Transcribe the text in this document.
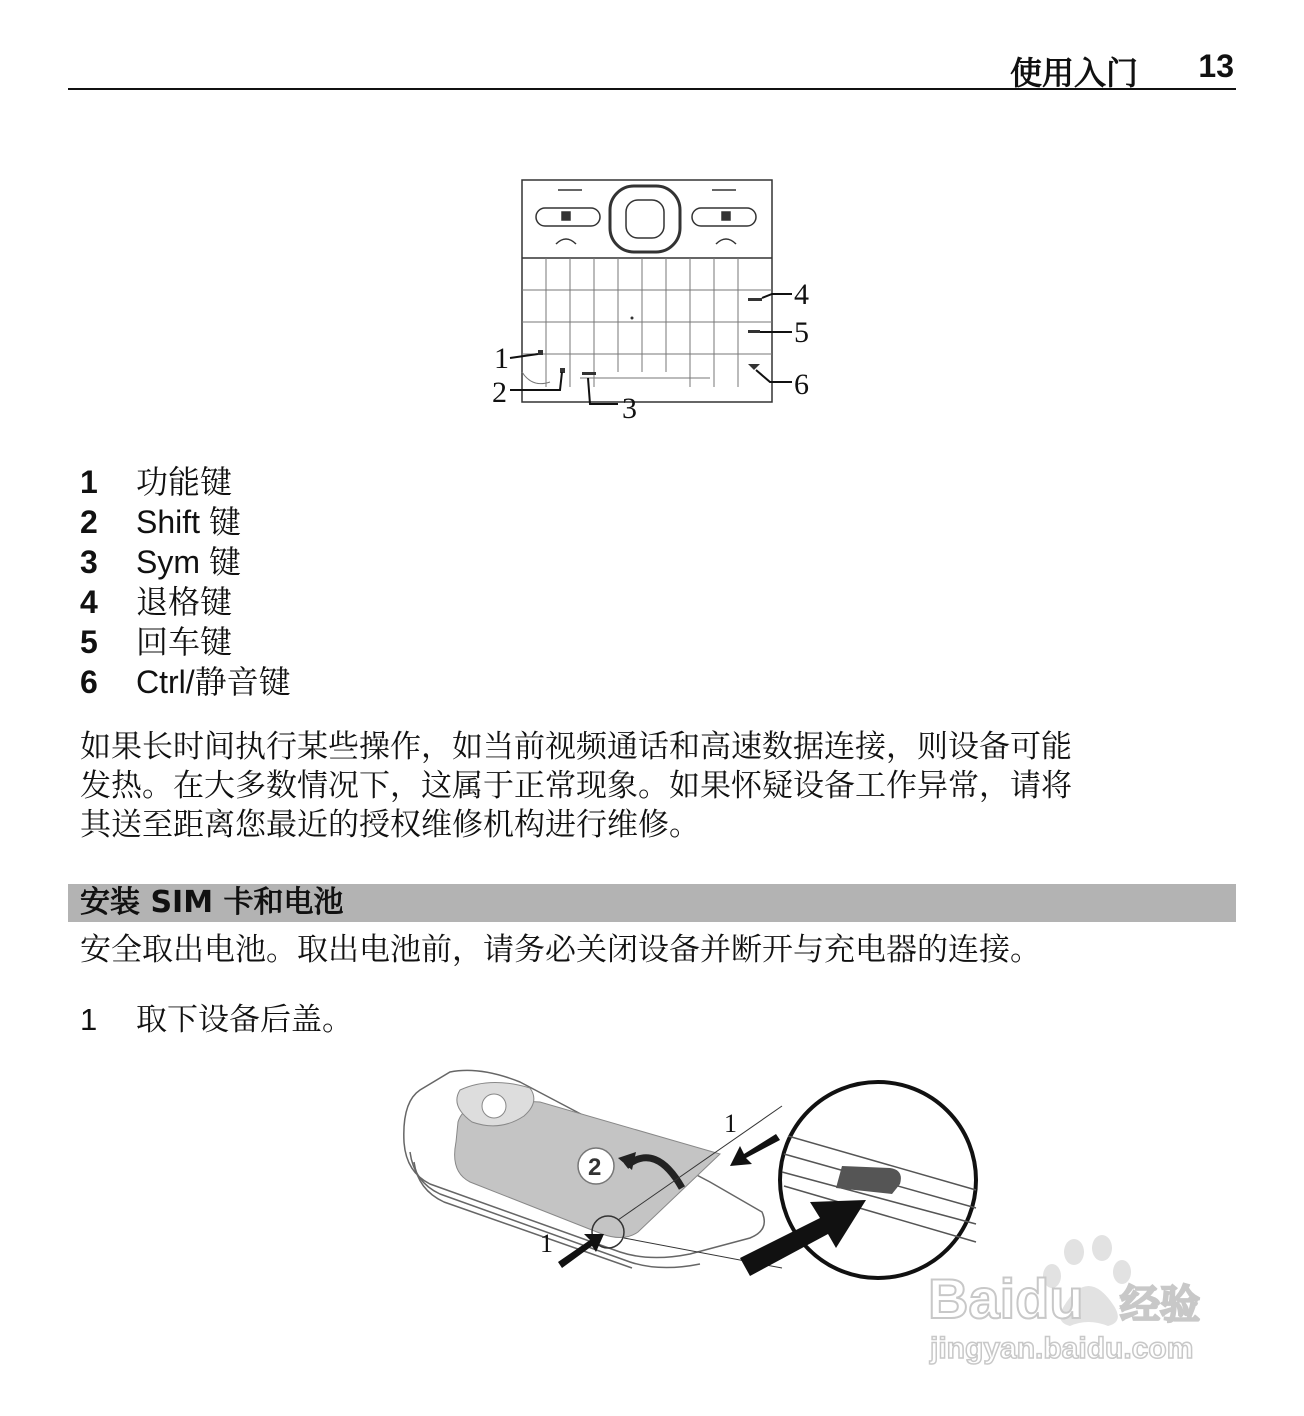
使用入门 13
1
2	3
4
5
6
1 功能键
2 Shift 键
3 Sym 键
4 退格键
5 回车键
6 Ctrl/静音键
如果长时间执行某些操作，如当前视频通话和高速数据连接，则设备可能
发热。在大多数情况下，这属于正常现象。如果怀疑设备工作异常，请将
其送至距离您最近的授权维修机构进行维修。
安装 SIM 卡和电池
安全取出电池。取出电池前，请务必关闭设备并断开与充电器的连接。
1 取下设备后盖。
2
1
1
Baidu 经验
jingyan.baidu.com
